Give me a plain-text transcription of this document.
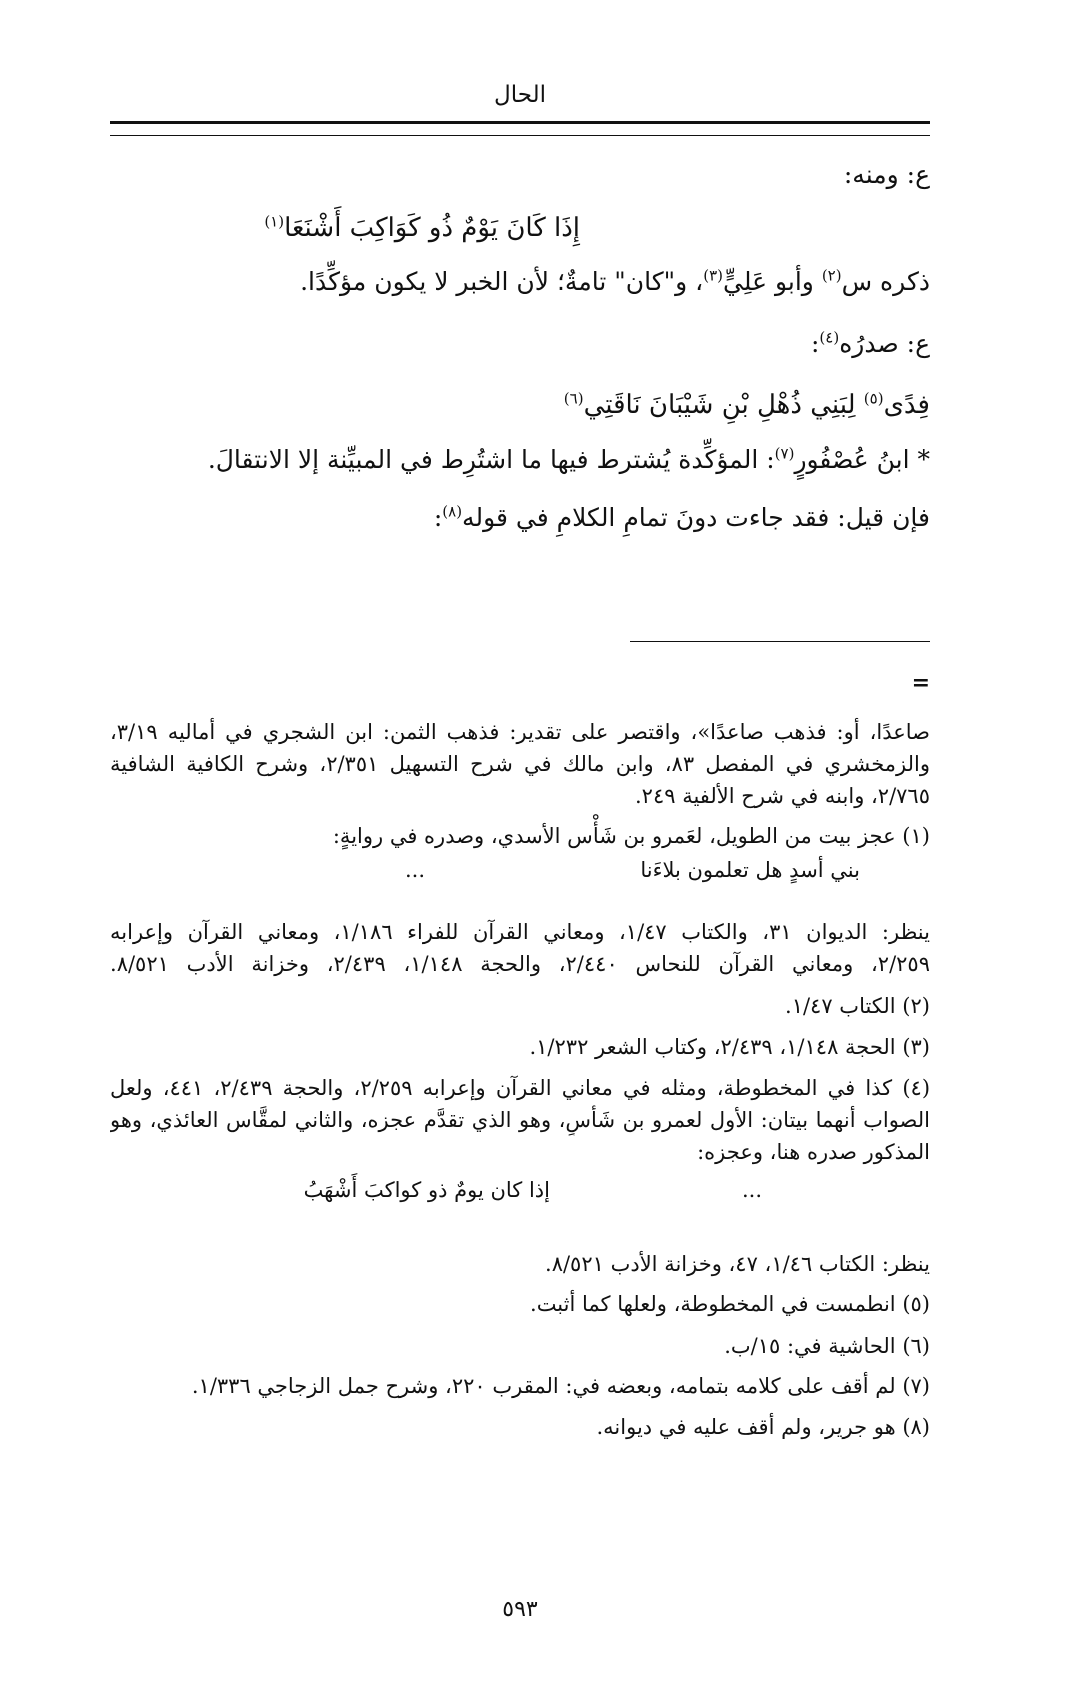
الحال
ع: ومنه:
إِذَا كَانَ يَوْمٌ ذُو كَوَاكِبَ أَشْنَعَا$^{(١)}$
ذكره س$^{(٢)}$ وأبو عَلِيٍّ$^{(٣)}$، و"كان" تامةٌ؛ لأن الخبر لا يكون مؤكِّدًا.
ع: صدرُه$^{(٤)}$:
فِدًى$^{(٥)}$ لِبَنِي ذُهْلِ بْنِ شَيْبَانَ نَاقَتِي$^{(٦)}$
* ابنُ عُصْفُورٍ$^{(٧)}$: المؤكِّدة يُشترط فيها ما اشتُرِط في المبيِّنة إلا الانتقالَ.
فإن قيل: فقد جاءت دونَ تمامِ الكلامِ في قوله$^{(٨)}$:
=
صاعدًا، أو: فذهب صاعدًا»، واقتصر على تقدير: فذهب الثمن: ابن الشجري في أماليه ٣/١٩،
والزمخشري في المفصل ٨٣، وابن مالك في شرح التسهيل ٢/٣٥١، وشرح الكافية الشافية
٢/٧٦٥، وابنه في شرح الألفية ٢٤٩.
(١) عجز بيت من الطويل، لعَمرو بن شَأْس الأسدي، وصدره في روايةٍ:
بني أسدٍ هل تعلمون بلاءَنا
...
ينظر: الديوان ٣١، والكتاب ١/٤٧، ومعاني القرآن للفراء ١/١٨٦، ومعاني القرآن وإعرابه
٢/٢٥٩، ومعاني القرآن للنحاس ٢/٤٤٠، والحجة ١/١٤٨، ٢/٤٣٩، وخزانة الأدب ٨/٥٢١.
(٢) الكتاب ١/٤٧.
(٣) الحجة ١/١٤٨، ٢/٤٣٩، وكتاب الشعر ١/٢٣٢.
(٤) كذا في المخطوطة، ومثله في معاني القرآن وإعرابه ٢/٢٥٩، والحجة ٢/٤٣٩، ٤٤١، ولعل
الصواب أنهما بيتان: الأول لعمرو بن شَأْسٍ، وهو الذي تقدَّم عجزه، والثاني لمقَّاس العائذي، وهو
المذكور صدره هنا، وعجزه:
...
إذا كان يومٌ ذو كواكبَ أَشْهَبُ
ينظر: الكتاب ١/٤٦، ٤٧، وخزانة الأدب ٨/٥٢١.
(٥) انطمست في المخطوطة، ولعلها كما أثبت.
(٦) الحاشية في: ١٥/ب.
(٧) لم أقف على كلامه بتمامه، وبعضه في: المقرب ٢٢٠، وشرح جمل الزجاجي ١/٣٣٦.
(٨) هو جرير، ولم أقف عليه في ديوانه.
٥٩٣
